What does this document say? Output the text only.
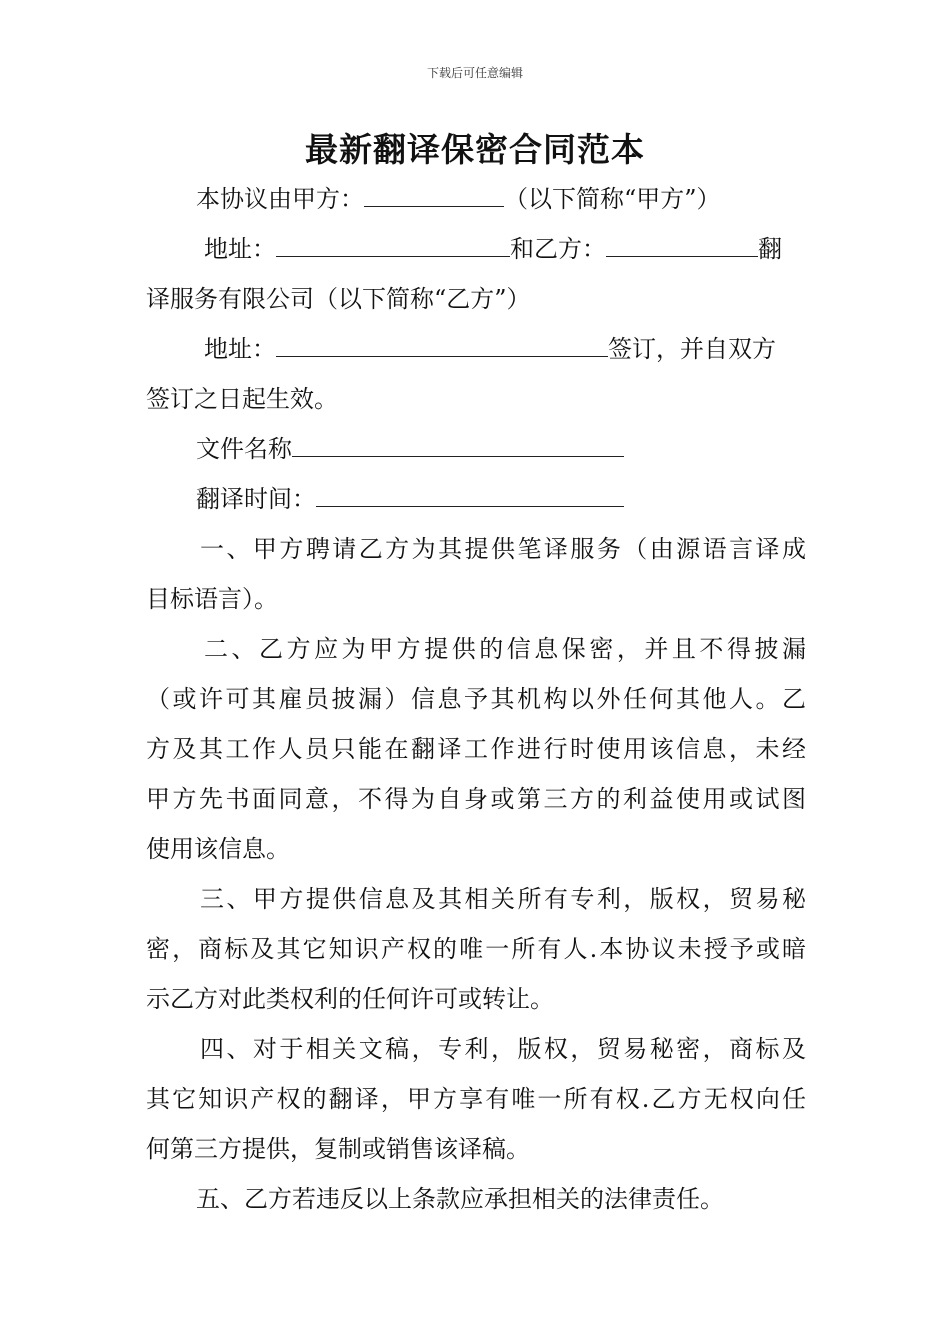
下载后可任意编辑
最新翻译保密合同范本
本协议由甲方：	（以下简称“甲方”）
地址：	和乙方：	翻
译服务有限公司（以下简称“乙方”）
地址：	签订，并自双方
签订之日起生效。
文件名称
翻译时间：
一、甲方聘请乙方为其提供笔译服务（由源语言译成
目标语言）。
二、乙方应为甲方提供的信息保密，并且不得披漏
（或许可其雇员披漏）信息予其机构以外任何其他人。乙
方及其工作人员只能在翻译工作进行时使用该信息，未经
甲方先书面同意，不得为自身或第三方的利益使用或试图
使用该信息。
三、甲方提供信息及其相关所有专利，版权，贸易秘
密，商标及其它知识产权的唯一所有人.本协议未授予或暗
示乙方对此类权利的任何许可或转让。
四、对于相关文稿，专利，版权，贸易秘密，商标及
其它知识产权的翻译，甲方享有唯一所有权.乙方无权向任
何第三方提供，复制或销售该译稿。
五、乙方若违反以上条款应承担相关的法律责任。
